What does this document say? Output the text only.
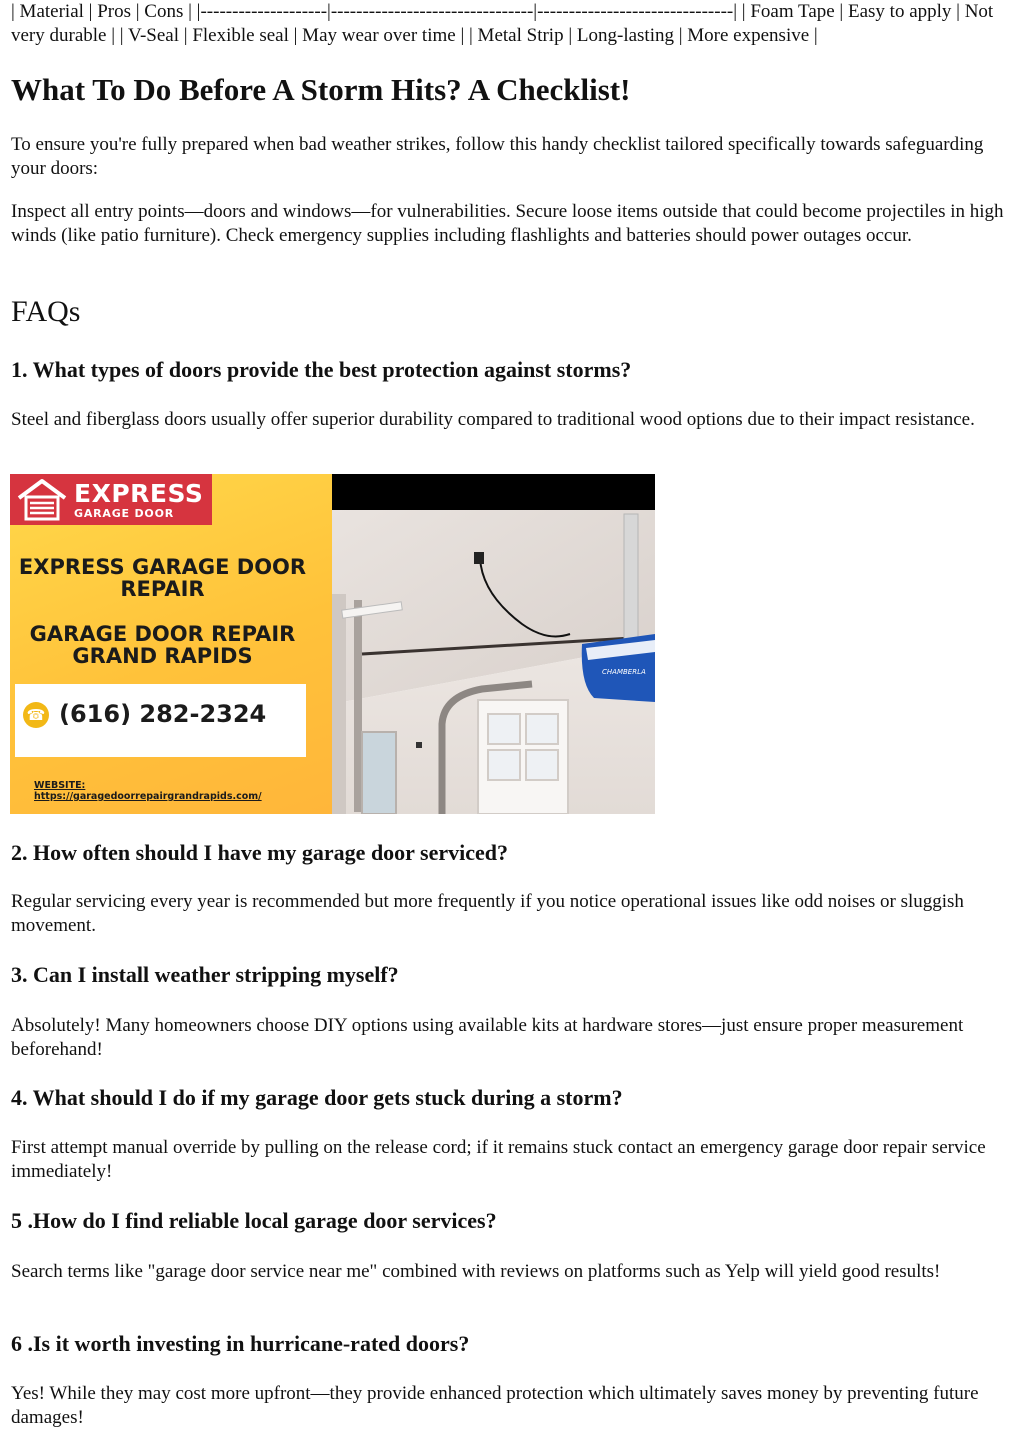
| Material | Pros | Cons | |--------------------|--------------------------------|-------------------------------| | Foam Tape | Easy to apply | Not very durable | | V-Seal | Flexible seal | May wear over time | | Metal Strip | Long-lasting | More expensive |

What To Do Before A Storm Hits? A Checklist!

To ensure you're fully prepared when bad weather strikes, follow this handy checklist tailored specifically towards safeguarding your doors:

Inspect all entry points—doors and windows—for vulnerabilities. Secure loose items outside that could become projectiles in high winds (like patio furniture). Check emergency supplies including flashlights and batteries should power outages occur.

FAQs
1. What types of doors provide the best protection against storms?

Steel and fiberglass doors usually offer superior durability compared to traditional wood options due to their impact resistance.

2. How often should I have my garage door serviced?

Regular servicing every year is recommended but more frequently if you notice operational issues like odd noises or sluggish movement.

3. Can I install weather stripping myself?

Absolutely! Many homeowners choose DIY options using available kits at hardware stores—just ensure proper measurement beforehand!

4. What should I do if my garage door gets stuck during a storm?

First attempt manual override by pulling on the release cord; if it remains stuck contact an emergency garage door repair service immediately!

5 .How do I find reliable local garage door services?

Search terms like "garage door service near me" combined with reviews on platforms such as Yelp will yield good results!

6 .Is it worth investing in hurricane-rated doors?

Yes! While they may cost more upfront—they provide enhanced protection which ultimately saves money by preventing future damages!

EXPRESS
GARAGE DOOR
EXPRESS GARAGE DOOR REPAIR
GARAGE DOOR REPAIR GRAND RAPIDS
☎ (616) 282-2324
WEBSITE:
https://garagedoorrepairgrandrapids.com/
CHAMBERLA
